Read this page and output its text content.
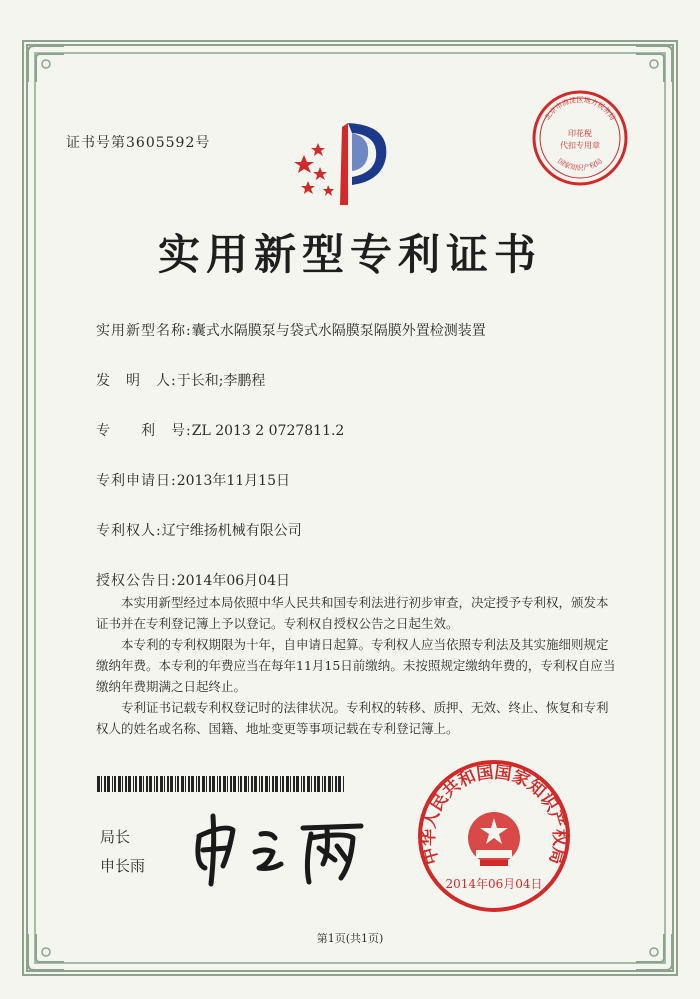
证书号第3605592号
实用新型专利证书
实用新型名称:囊式水隔膜泵与袋式水隔膜泵隔膜外置检测装置
发　明　人:于长和;李鹏程
专　　利　号:ZL 2013 2 0727811.2
专利申请日:2013年11月15日
专利权人:辽宁维扬机械有限公司
授权公告日:2014年06月04日

本实用新型经过本局依照中华人民共和国专利法进行初步审查，决定授予专利权，颁发本证书并在专利登记簿上予以登记。专利权自授权公告之日起生效。

本专利的专利权期限为十年，自申请日起算。专利权人应当依照专利法及其实施细则规定缴纳年费。本专利的年费应当在每年11月15日前缴纳。未按照规定缴纳年费的，专利权自应当缴纳年费期满之日起终止。

专利证书记载专利权登记时的法律状况。专利权的转移、质押、无效、终止、恢复和专利权人的姓名或名称、国籍、地址变更等事项记载在专利登记簿上。

局长
申长雨
北京市海淀区地方税务局
印花税
代扣专用章
国家知识产权局
中华人民共和国国家知识产权局
2014年06月04日
第1页(共1页)
